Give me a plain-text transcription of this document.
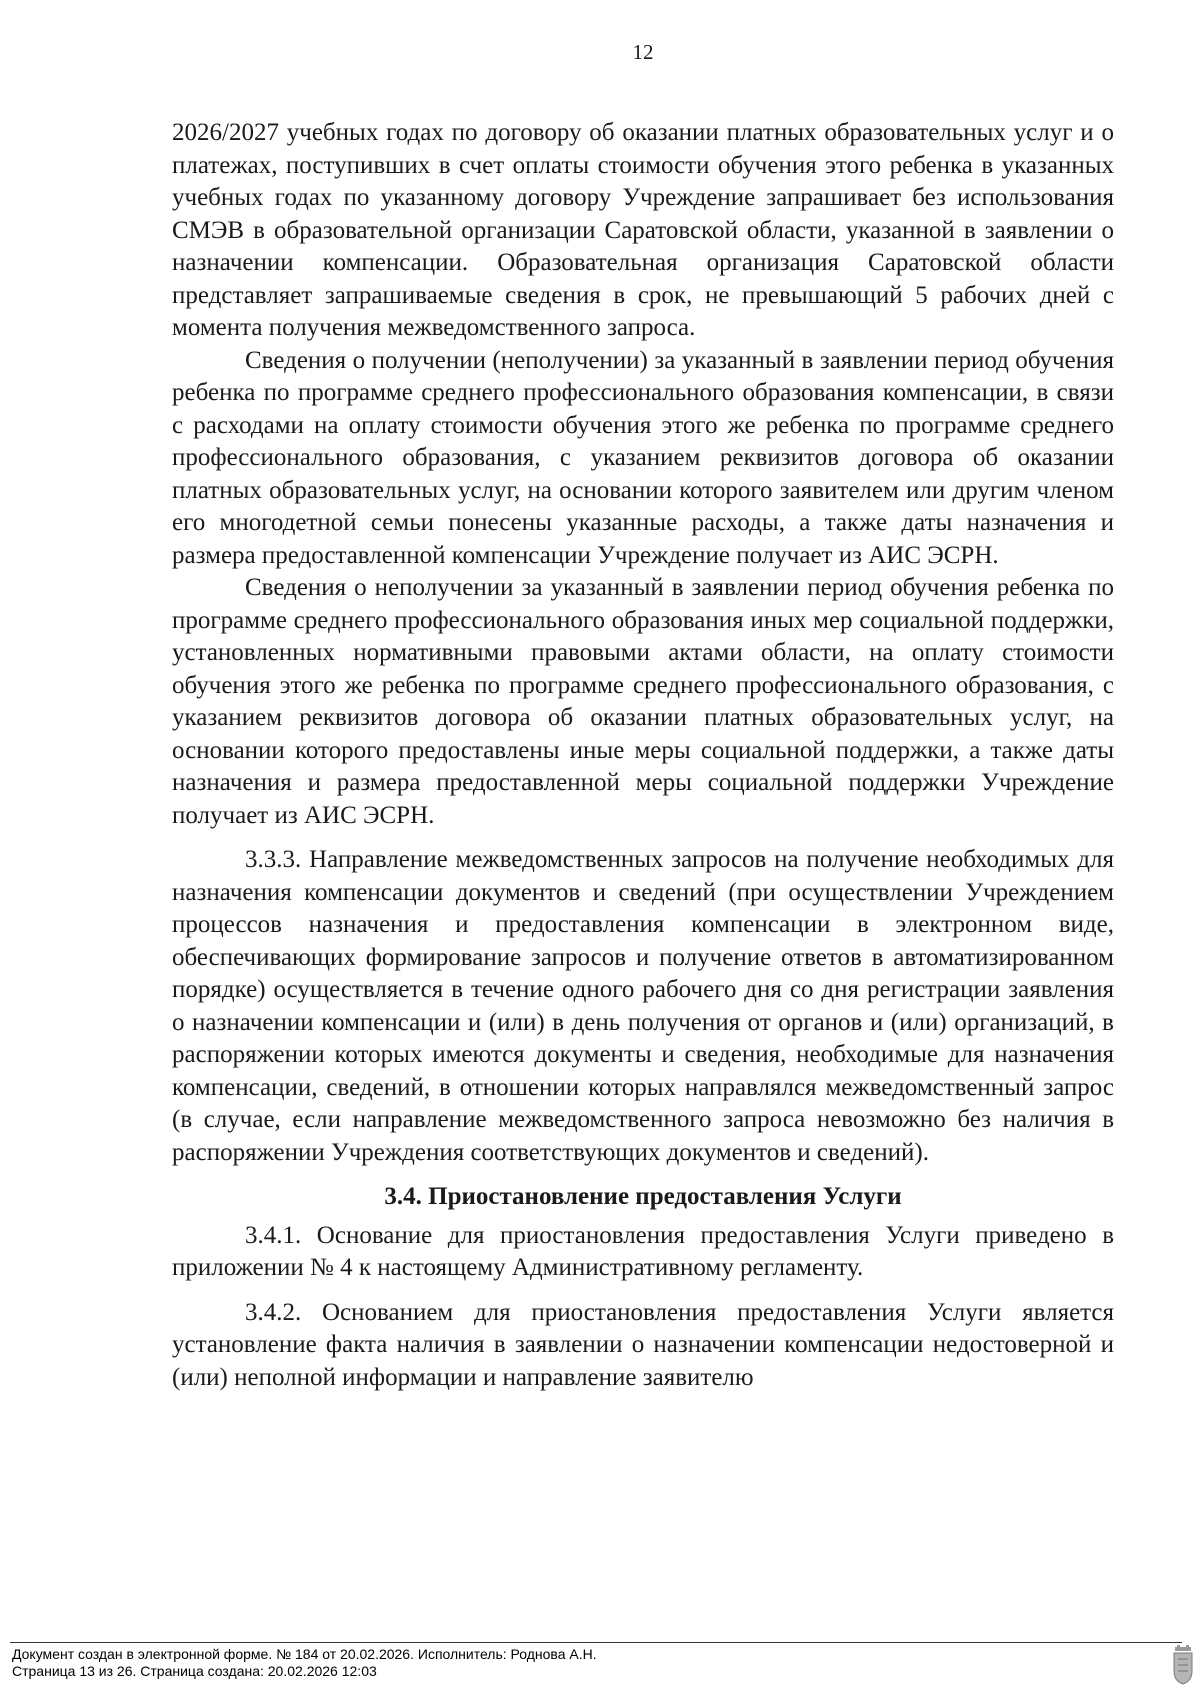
12

2026/2027 учебных годах по договору об оказании платных образовательных услуг и о платежах, поступивших в счет оплаты стоимости обучения этого ребенка в указанных учебных годах по указанному договору Учреждение запрашивает без использования СМЭВ в образовательной организации Саратовской области, указанной в заявлении о назначении компенсации. Образовательная организация Саратовской области представляет запрашиваемые сведения в срок, не превышающий 5 рабочих дней с момента получения межведомственного запроса.

Сведения о получении (неполучении) за указанный в заявлении период обучения ребенка по программе среднего профессионального образования компенсации, в связи с расходами на оплату стоимости обучения этого же ребенка по программе среднего профессионального образования, с указанием реквизитов договора об оказании платных образовательных услуг, на основании которого заявителем или другим членом его многодетной семьи понесены указанные расходы, а также даты назначения и размера предоставленной компенсации Учреждение получает из АИС ЭСРН.

Сведения о неполучении за указанный в заявлении период обучения ребенка по программе среднего профессионального образования иных мер социальной поддержки, установленных нормативными правовыми актами области, на оплату стоимости обучения этого же ребенка по программе среднего профессионального образования, с указанием реквизитов договора об оказании платных образовательных услуг, на основании которого предоставлены иные меры социальной поддержки, а также даты назначения и размера предоставленной меры социальной поддержки Учреждение получает из АИС ЭСРН.

3.3.3. Направление межведомственных запросов на получение необходимых для назначения компенсации документов и сведений (при осуществлении Учреждением процессов назначения и предоставления компенсации в электронном виде, обеспечивающих формирование запросов и получение ответов в автоматизированном порядке) осуществляется в течение одного рабочего дня со дня регистрации заявления о назначении компенсации и (или) в день получения от органов и (или) организаций, в распоряжении которых имеются документы и сведения, необходимые для назначения компенсации, сведений, в отношении которых направлялся межведомственный запрос (в случае, если направление межведомственного запроса невозможно без наличия в распоряжении Учреждения соответствующих документов и сведений).

3.4. Приостановление предоставления Услуги

3.4.1. Основание для приостановления предоставления Услуги приведено в приложении № 4 к настоящему Административному регламенту.

3.4.2. Основанием для приостановления предоставления Услуги является установление факта наличия в заявлении о назначении компенсации недостоверной и (или) неполной информации и направление заявителю

Документ создан в электронной форме. № 184 от 20.02.2026. Исполнитель: Роднова А.Н.
Страница 13 из 26. Страница создана: 20.02.2026 12:03
